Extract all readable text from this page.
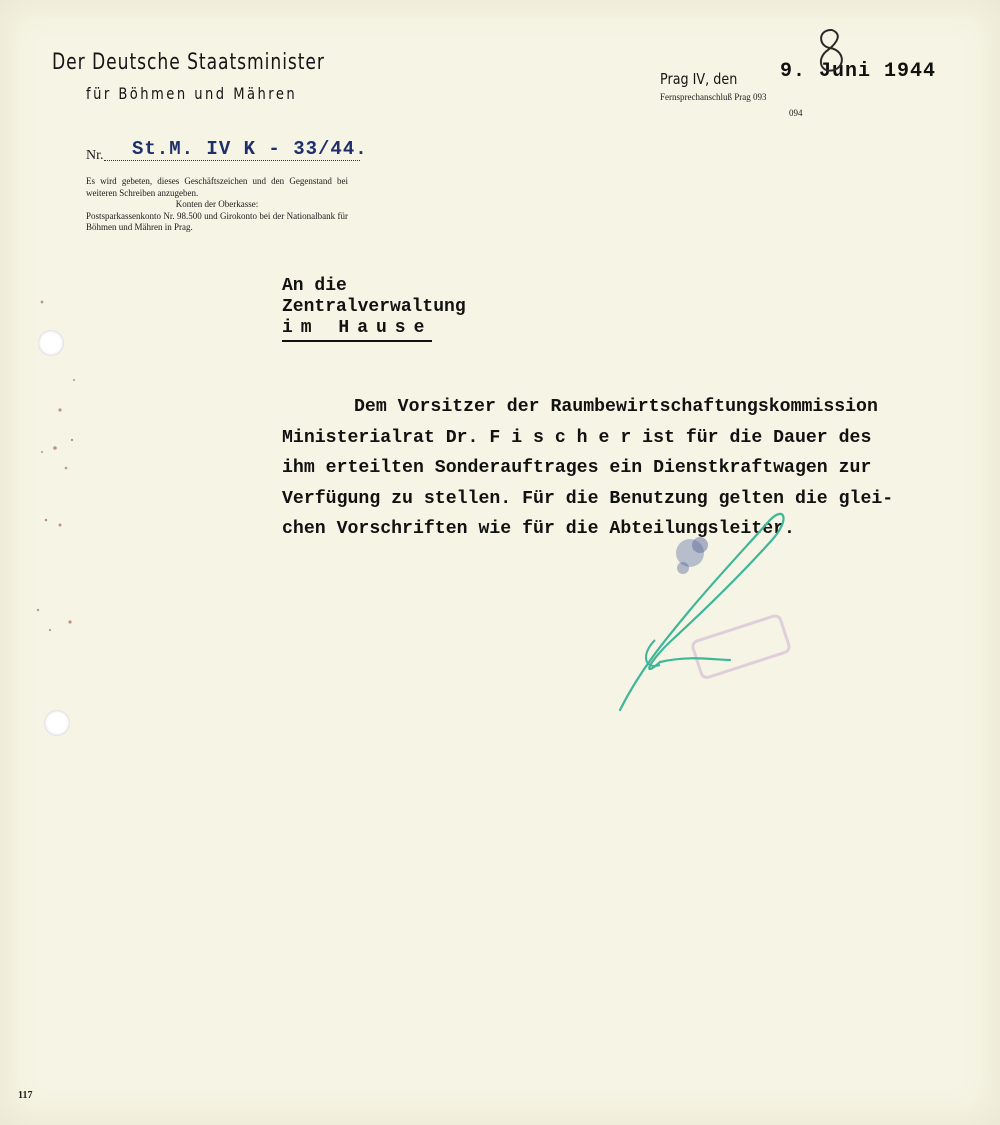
Der Deutsche Staatsminister
für Böhmen und Mähren
Nr. St.M. IV K - 33/44.
Es wird gebeten, dieses Geschäftszeichen und den Gegenstand bei weiteren Schreiben anzugeben.
Konten der Oberkasse:
Postsparkassenkonto Nr. 98.500 und Girokonto bei der Nationalbank für Böhmen und Mähren in Prag.
Prag IV, den 9. Juni 1944
Fernsprechanschluß Prag 093
094
An die
Zentralverwaltung
im Hause
Dem Vorsitzer der Raumbewirtschaftungskommission
Ministerialrat Dr. F i s c h e r ist für die Dauer des
ihm erteilten Sonderauftrages ein Dienstkraftwagen zur
Verfügung zu stellen. Für die Benutzung gelten die glei-
chen Vorschriften wie für die Abteilungsleiter.
117
